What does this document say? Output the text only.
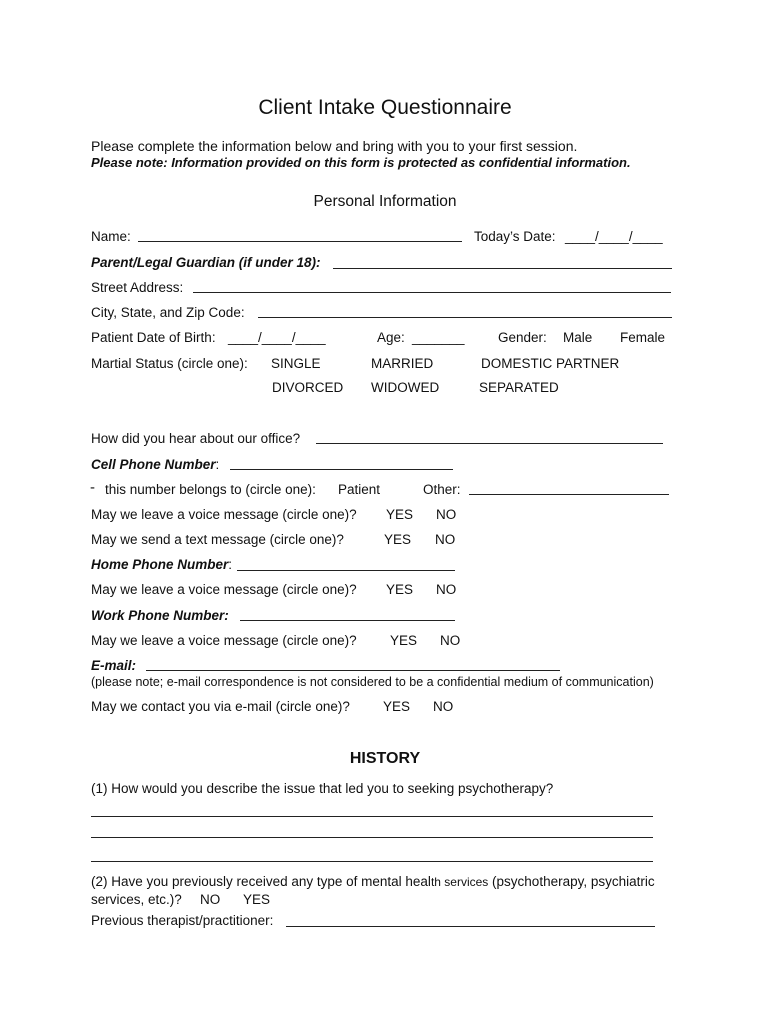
Client Intake Questionnaire
Please complete the information below and bring with you to your first session.
Please note: Information provided on this form is protected as confidential information.
Personal Information
Name:	Today’s Date: ____/____/____
Parent/Legal Guardian (if under 18):
Street Address:
City, State, and Zip Code:
Patient Date of Birth: ____/____/____	Age: _______ Gender: Male Female
Martial Status (circle one): SINGLE	MARRIED	DOMESTIC PARTNER
DIVORCED WIDOWED	SEPARATED
How did you hear about our office?
Cell Phone Number:
- this number belongs to (circle one): Patient	Other:
May we leave a voice message (circle one)? YES NO
May we send a text message (circle one)?	YES NO
Home Phone Number:
May we leave a voice message (circle one)? YES NO
Work Phone Number:
May we leave a voice message (circle one)? YES NO
E-mail:
(please note; e-mail correspondence is not considered to be a confidential medium of communication)
May we contact you via e-mail (circle one)? YES NO
HISTORY
(1) How would you describe the issue that led you to seeking psychotherapy?
(2) Have you previously received any type of mental health services (psychotherapy, psychiatric
services, etc.)? NO YES
Previous therapist/practitioner:
